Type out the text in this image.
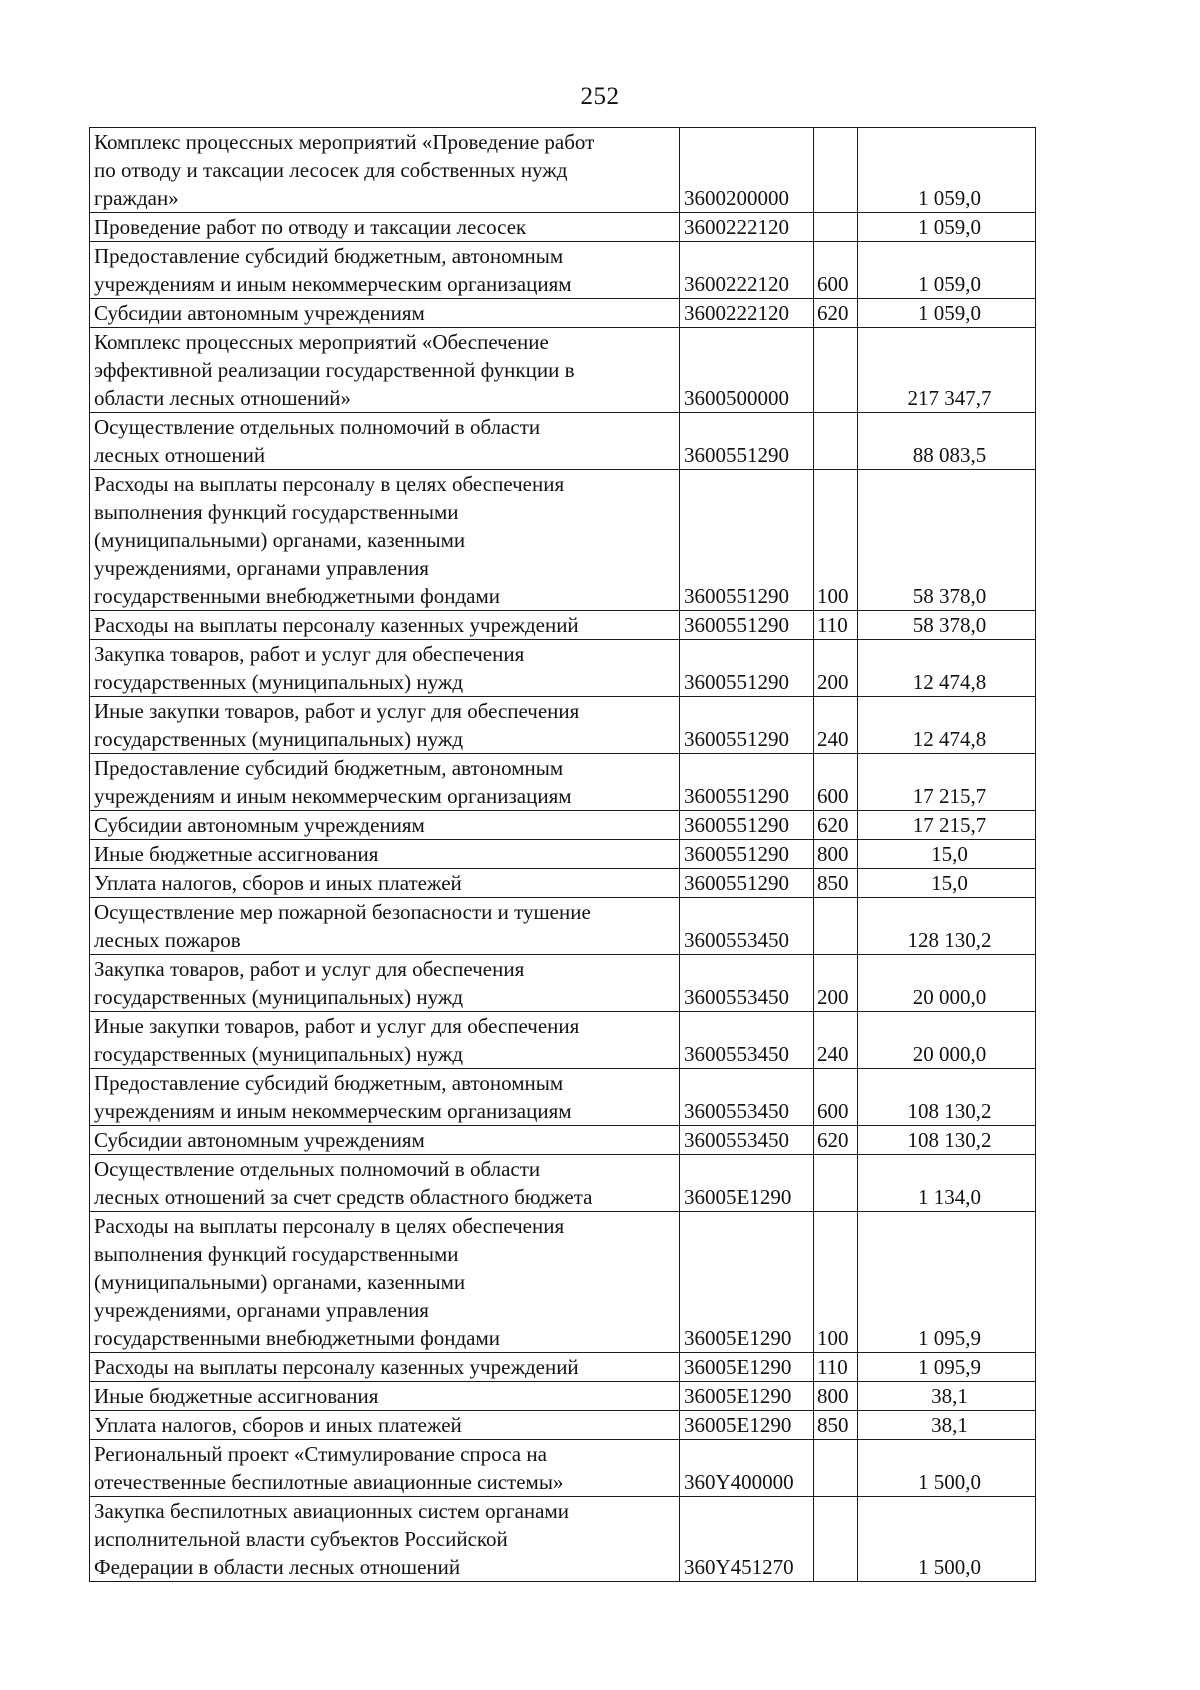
252
Комплекс процессных мероприятий «Проведение работ
по отводу и таксации лесосек для собственных нужд
граждан»	3600200000		1 059,0

Проведение работ по отводу и таксации лесосек	3600222120		1 059,0

Предоставление субсидий бюджетным, автономным
учреждениям и иным некоммерческим организациям	3600222120	600	1 059,0

Субсидии автономным учреждениям	3600222120	620	1 059,0

Комплекс процессных мероприятий «Обеспечение
эффективной реализации государственной функции в
области лесных отношений»	3600500000		217 347,7

Осуществление отдельных полномочий в области
лесных отношений	3600551290		88 083,5

Расходы на выплаты персоналу в целях обеспечения
выполнения функций государственными
(муниципальными) органами, казенными
учреждениями, органами управления
государственными внебюджетными фондами	3600551290	100	58 378,0

Расходы на выплаты персоналу казенных учреждений	3600551290	110	58 378,0

Закупка товаров, работ и услуг для обеспечения
государственных (муниципальных) нужд	3600551290	200	12 474,8

Иные закупки товаров, работ и услуг для обеспечения
государственных (муниципальных) нужд	3600551290	240	12 474,8

Предоставление субсидий бюджетным, автономным
учреждениям и иным некоммерческим организациям	3600551290	600	17 215,7

Субсидии автономным учреждениям	3600551290	620	17 215,7

Иные бюджетные ассигнования	3600551290	800	15,0

Уплата налогов, сборов и иных платежей	3600551290	850	15,0

Осуществление мер пожарной безопасности и тушение
лесных пожаров	3600553450		128 130,2

Закупка товаров, работ и услуг для обеспечения
государственных (муниципальных) нужд	3600553450	200	20 000,0

Иные закупки товаров, работ и услуг для обеспечения
государственных (муниципальных) нужд	3600553450	240	20 000,0

Предоставление субсидий бюджетным, автономным
учреждениям и иным некоммерческим организациям	3600553450	600	108 130,2

Субсидии автономным учреждениям	3600553450	620	108 130,2

Осуществление отдельных полномочий в области
лесных отношений за счет средств областного бюджета	36005E1290		1 134,0

Расходы на выплаты персоналу в целях обеспечения
выполнения функций государственными
(муниципальными) органами, казенными
учреждениями, органами управления
государственными внебюджетными фондами	36005E1290	100	1 095,9

Расходы на выплаты персоналу казенных учреждений	36005E1290	110	1 095,9

Иные бюджетные ассигнования	36005E1290	800	38,1

Уплата налогов, сборов и иных платежей	36005E1290	850	38,1

Региональный проект «Стимулирование спроса на
отечественные беспилотные авиационные системы»	360Y400000		1 500,0

Закупка беспилотных авиационных систем органами
исполнительной власти субъектов Российской
Федерации в области лесных отношений	360Y451270		1 500,0
